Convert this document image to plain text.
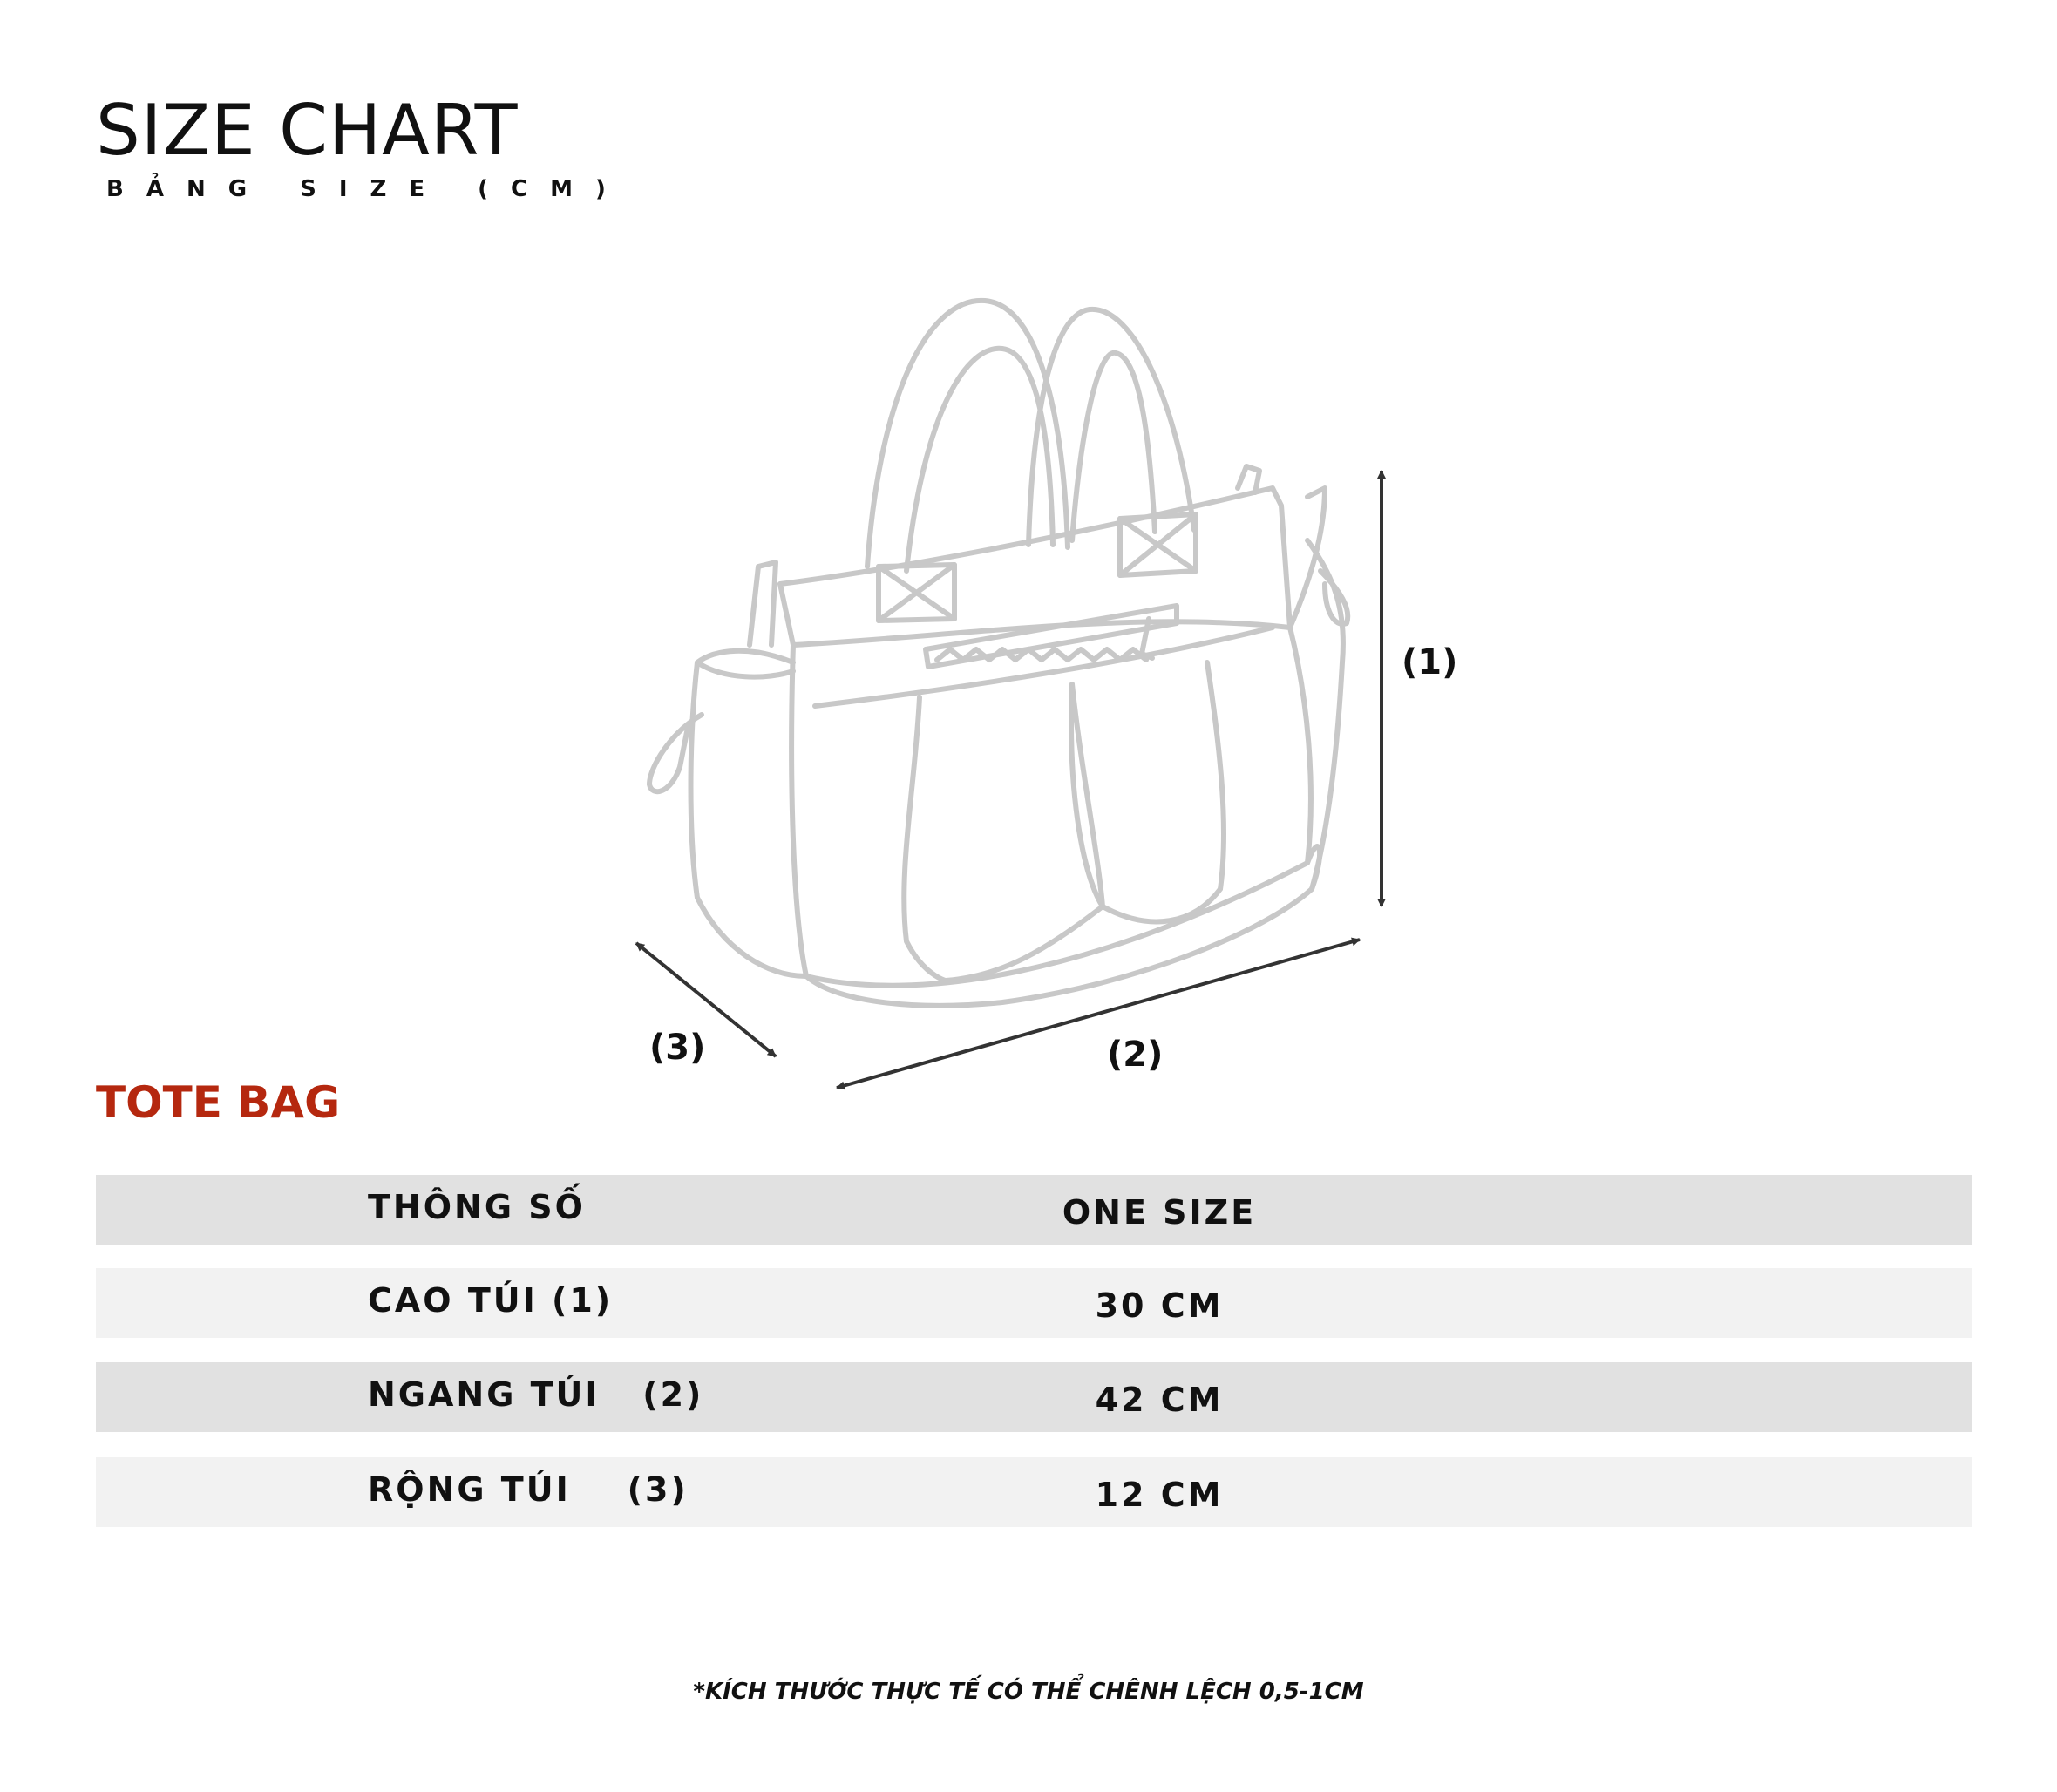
SIZE CHART
BẢNG SIZE (CM)
(1)
(2)
(3)
TOTE BAG
THÔNG SỐ	ONE SIZE
CAO TÚI (1)	30 CM
NGANG TÚI   (2)	42 CM
RỘNG TÚI    (3)	12 CM
*KÍCH THƯỚC THỰC TẾ CÓ THỂ CHÊNH LỆCH 0,5-1CM
